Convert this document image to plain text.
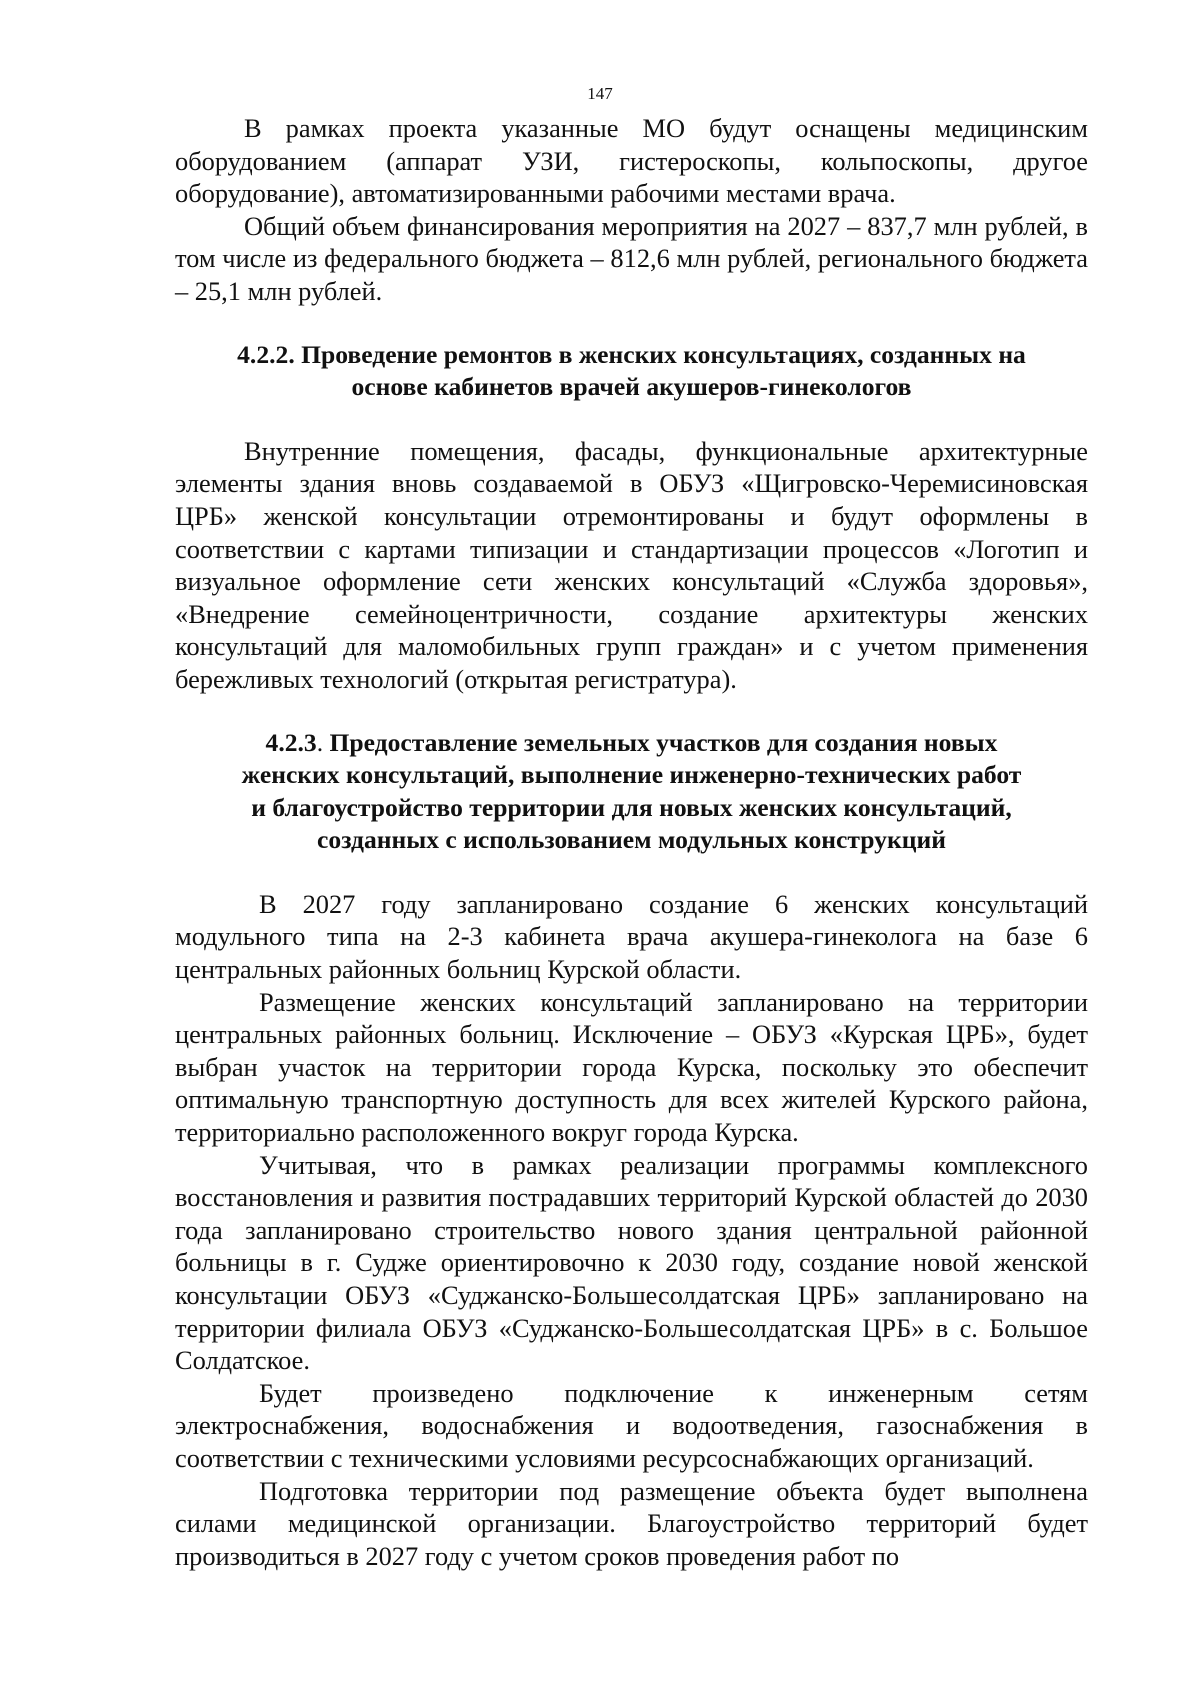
147

В рамках проекта указанные МО будут оснащены медицинским оборудованием (аппарат УЗИ, гистероскопы, кольпоскопы, другое оборудование), автоматизированными рабочими местами врача.

Общий объем финансирования мероприятия на 2027 – 837,7 млн рублей, в том числе из федерального бюджета – 812,6 млн рублей, регионального бюджета – 25,1 млн рублей.

4.2.2. Проведение ремонтов в женских консультациях, созданных на
основе кабинетов врачей акушеров-гинекологов

Внутренние помещения, фасады, функциональные архитектурные элементы здания вновь создаваемой в ОБУЗ «Щигровско-Черемисиновская ЦРБ» женской консультации отремонтированы и будут оформлены в соответствии с картами типизации и стандартизации процессов «Логотип и визуальное оформление сети женских консультаций «Служба здоровья», «Внедрение семейноцентричности, создание архитектуры женских консультаций для маломобильных групп граждан» и с учетом применения бережливых технологий (открытая регистратура).

4.2.3. Предоставление земельных участков для создания новых
женских консультаций, выполнение инженерно-технических работ
и благоустройство территории для новых женских консультаций,
созданных с использованием модульных конструкций

В 2027 году запланировано создание 6 женских консультаций модульного типа на 2-3 кабинета врача акушера-гинеколога на базе 6 центральных районных больниц Курской области.

Размещение женских консультаций запланировано на территории центральных районных больниц. Исключение – ОБУЗ «Курская ЦРБ», будет выбран участок на территории города Курска, поскольку это обеспечит оптимальную транспортную доступность для всех жителей Курского района, территориально расположенного вокруг города Курска.

Учитывая, что в рамках реализации программы комплексного восстановления и развития пострадавших территорий Курской областей до 2030 года запланировано строительство нового здания центральной районной больницы в г. Судже ориентировочно к 2030 году, создание новой женской консультации ОБУЗ «Суджанско-Большесолдатская ЦРБ» запланировано на территории филиала ОБУЗ «Суджанско-Большесолдатская ЦРБ» в с. Большое Солдатское.

Будет произведено подключение к инженерным сетям электроснабжения, водоснабжения и водоотведения, газоснабжения в соответствии с техническими условиями ресурсоснабжающих организаций.

Подготовка территории под размещение объекта будет выполнена силами медицинской организации. Благоустройство территорий будет производиться в 2027 году с учетом сроков проведения работ по
